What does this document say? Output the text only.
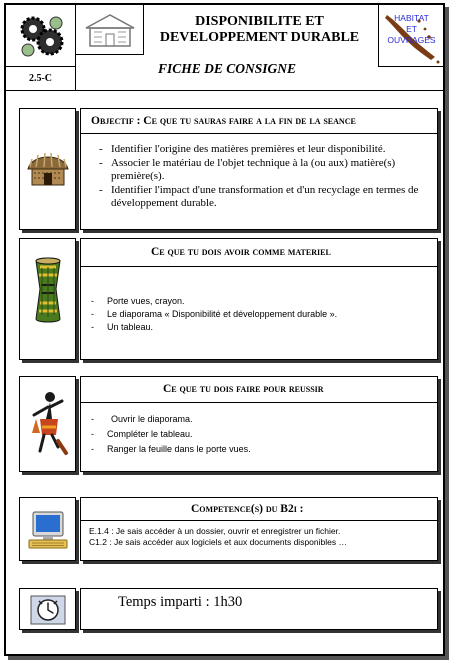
2.5-C
DISPONIBILITE ET
DEVELOPPEMENT DURABLE
HABITAT
ET
OUVRAGES
FICHE DE CONSIGNE
Objectif : Ce que tu sauras faire a la fin de la seance
- Identifier l'origine des matières premières et leur disponibilité.
- Associer le matériau de l'objet technique à la (ou aux) matière(s) première(s).
- Identifier l'impact d'une transformation et d'un recyclage en termes de développement durable.
Ce que tu dois avoir comme materiel
- Porte vues, crayon.
- Le diaporama « Disponibilité et développement durable ».
- Un tableau.
Ce que tu dois faire pour reussir
- Ouvrir le diaporama.
- Compléter le tableau.
- Ranger la feuille dans le porte vues.
Competence(s) du B2i :
E.1.4 : Je sais accéder à un dossier, ouvrir et enregistrer un fichier.
C1.2 : Je sais accéder aux logiciels et aux documents disponibles …
Temps imparti : 1h30
